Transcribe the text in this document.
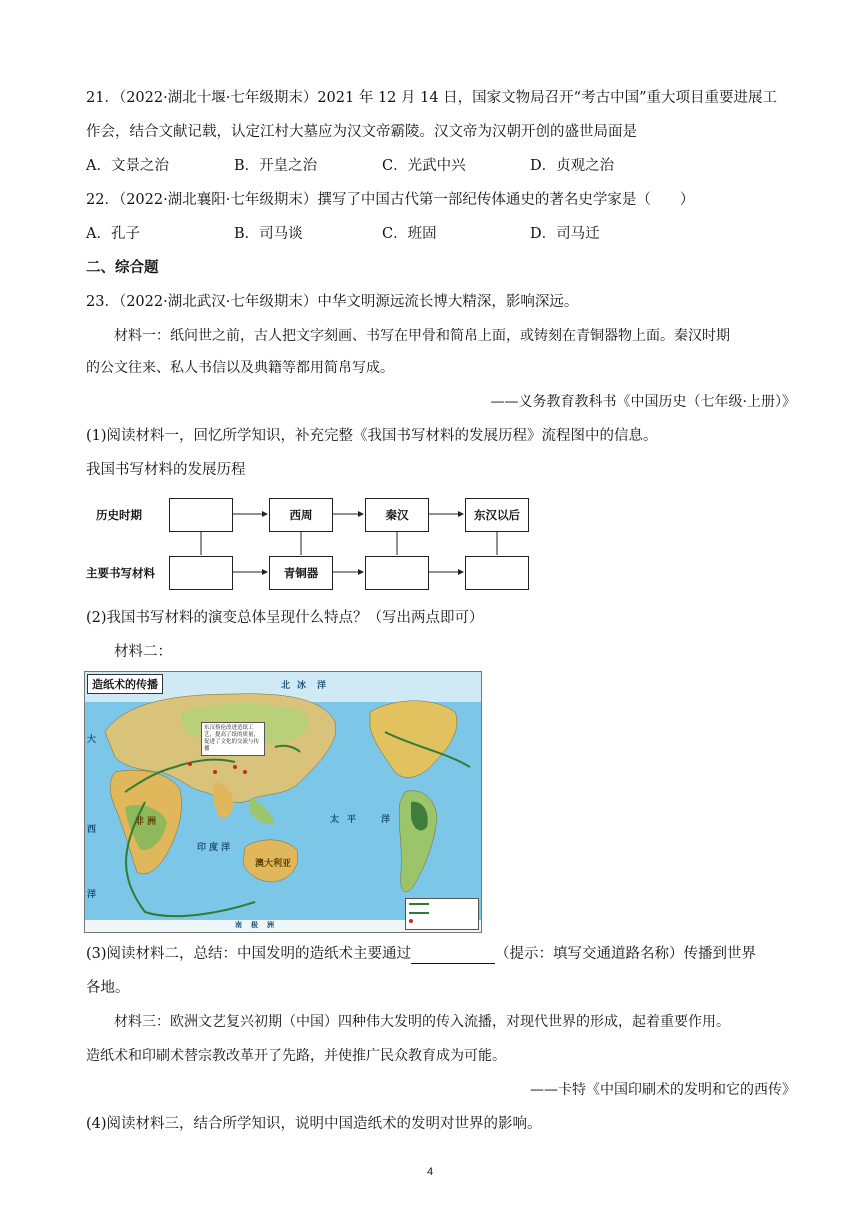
21．（2022·湖北十堰·七年级期末）2021 年 12 月 14 日，国家文物局召开“考古中国”重大项目重要进展工
作会，结合文献记载，认定江村大墓应为汉文帝霸陵。汉文帝为汉朝开创的盛世局面是
A．文景之治	B．开皇之治	C．光武中兴	D．贞观之治
22．（2022·湖北襄阳·七年级期末）撰写了中国古代第一部纪传体通史的著名史学家是（　　）
A．孔子	B．司马谈	C．班固	D．司马迁
二、综合题
23．（2022·湖北武汉·七年级期末）中华文明源远流长博大精深，影响深远。
材料一：纸问世之前，古人把文字刻画、书写在甲骨和简帛上面，或铸刻在青铜器物上面。秦汉时期
的公文往来、私人书信以及典籍等都用简帛写成。
——义务教育教科书《中国历史（七年级·上册）》
(1)阅读材料一，回忆所学知识，补充完整《我国书写材料的发展历程》流程图中的信息。
我国书写材料的发展历程
历史时期
主要书写材料
西周	秦汉	东汉以后
青铜器
(2)我国书写材料的演变总体呈现什么特点？（写出两点即可）
材料二：
造纸术的传播	北 冰 洋
大
西
洋
太 平	洋
印 度 洋
澳大利亚
非 洲
南 极 洲
东汉蔡伦改进造纸工艺，提高了纸的质量，促进了文化的交流与传播
(3)阅读材料二，总结：中国发明的造纸术主要通过	（提示：填写交通道路名称）传播到世界
各地。
材料三：欧洲文艺复兴初期（中国）四种伟大发明的传入流播，对现代世界的形成，起着重要作用。
造纸术和印刷术替宗教改革开了先路，并使推广民众教育成为可能。
——卡特《中国印刷术的发明和它的西传》
(4)阅读材料三，结合所学知识，说明中国造纸术的发明对世界的影响。
4
